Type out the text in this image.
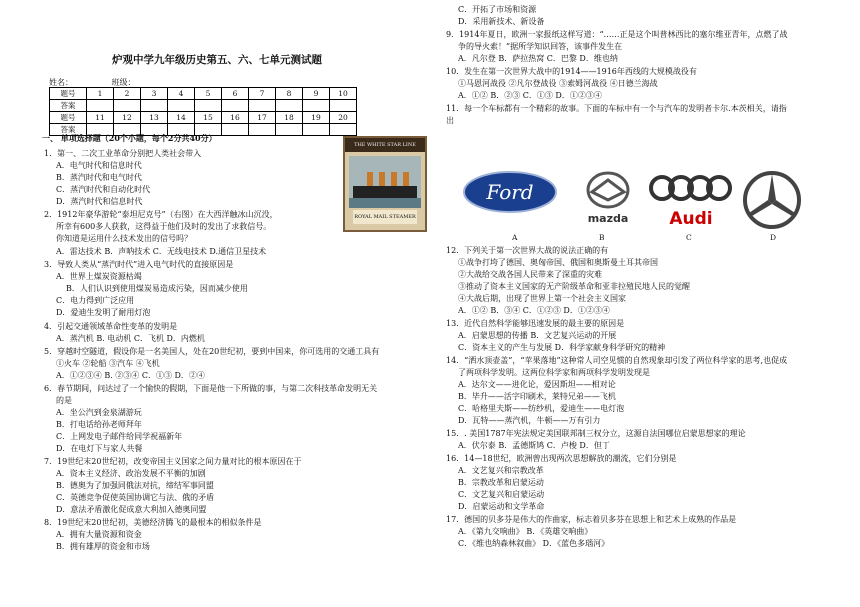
炉观中学九年级历史第五、六、七单元测试题
姓名：	班级：
题号	1	2	3	4	5	6	7	8	9	10
答案										
题号	11	12	13	14	15	16	17	18	19	20
答案										
一、 单项选择题（20个小题，每个2分共40分）
THE WHITE STAR LINE
ROYAL MAIL STEAMER
1．第一、二次工业革命分别把人类社会带入
A．电气时代和信息时代
B．蒸汽时代和电气时代
C．蒸汽时代和自动化时代
D．蒸汽时代和信息时代
2．1912年豪华游轮“泰坦尼克号”（右图）在大西洋触冰山沉没，
所幸有600多人获救，这得益于他们及时的发出了求救信号。
你知道是运用什么技术发出的信号吗？
A．雷达技术 B．声呐技术 C．无线电技术 D.通信卫星技术
3．导致人类从“蒸汽时代”进入电气时代的直接原因是
A．世界上煤炭资源枯竭
B．人们认识到使用煤炭易造成污染，因而减少使用
C．电力得到广泛应用
D．爱迪生发明了耐用灯泡
4．引起交通领域革命性变革的发明是
A．蒸汽机 B. 电动机 C．飞机 D．内燃机
5．穿越时空隧道，假设你是一名美国人，处在20世纪初，要到中国来，你可选用的交通工具有
①火车 ②轮船 ③汽车 ④飞机
A．①②③④ B. ②③④ C．①③ D．②④
6．春节期间，问达过了一个愉快的假期，下面是他一下所做的事，与第二次科技革命发明无关
的是
A．坐公汽到金泉湖游玩
B．打电话给孙老师拜年
C．上网发电子邮件给同学祝福新年
D．在电灯下与家人共餐
7．19世纪末20世纪初，改变帝国主义国家之间力量对比的根本原因在于
A．资本主义经济、政治发展不平衡的加剧
B．德奥为了加强同俄法对抗，缔结军事同盟
C．英德竞争促使英国协调它与法、俄的矛盾
D．意法矛盾激化促成意大利加入德奥同盟
8．19世纪末20世纪初，美德经济腾飞的最根本的相似条件是
A．拥有大量资源和资金
B．拥有雄厚的资金和市场
C．开拓了市场和资源
D．采用新技术、新设备
9．1914年夏日，欧洲一家报纸这样写道：“……正是这个叫普林西比的塞尔维亚青年，点燃了战
争的导火索！”据所学知识回答，该事件发生在
A．凡尔登 B．萨拉热窝 C．巴黎 D．维也纳
10．发生在第一次世界大战中的1914——1916年西线的大规模战役有
①马恩河战役 ②凡尔登战役 ③索姆河战役 ④日德兰海战
A．①② B．②③ C．①③ D．①②③④
11．每一个车标都有一个精彩的故事。下面的车标中有一个与汽车的发明者卡尔.本茨相关，请指
出
12．下列关于第一次世界大战的说法正确的有
①战争打垮了德国、奥匈帝国、俄国和奥斯曼土耳其帝国
②大战给交战各国人民带来了深重的灾难
③推动了资本主义国家的无产阶级革命和亚非拉殖民地人民的觉醒
④大战后期，出现了世界上第一个社会主义国家
A．①② B．③④ C．①②③ D．①②③④
13．近代自然科学能够迅速发展的最主要的原因是
A．启蒙思想的传播 B．文艺复兴运动的开展
C．资本主义的产生与发展 D．科学家献身科学研究的精神
14．“洒水顶壶盖”，“苹果落地”这种常人司空见惯的自然现象却引发了两位科学家的思考,也促成
了两项科学发明。这两位科学家和两项科学发明发现是
A．达尔文——进化论，爱因斯坦——相对论
B．毕升——活字印刷术，莱特兄弟——飞机
C．哈格里夫斯——纺纱机，爱迪生——电灯泡
D．瓦特——蒸汽机，牛顿——万有引力
15．. 美国1787年宪法规定美国联邦制三权分立，这源自法国哪位启蒙思想家的理论
A．伏尔泰 B．孟德斯鸠 C．卢梭 D．但丁
16．14—18世纪，欧洲曾出现两次思想解放的潮流，它们分别是
A．文艺复兴和宗教改革
B．宗教改革和启蒙运动
C．文艺复兴和启蒙运动
D．启蒙运动和文学革命
17．德国的贝多芬是伟大的作曲家，标志着贝多芬在思想上和艺术上成熟的作品是
A．《第九交响曲》 B．《英雄交响曲》
C．《维也纳森林叙曲》 D．《蓝色多瑙河》
Ford
mazda Audi
A	B	C	D
